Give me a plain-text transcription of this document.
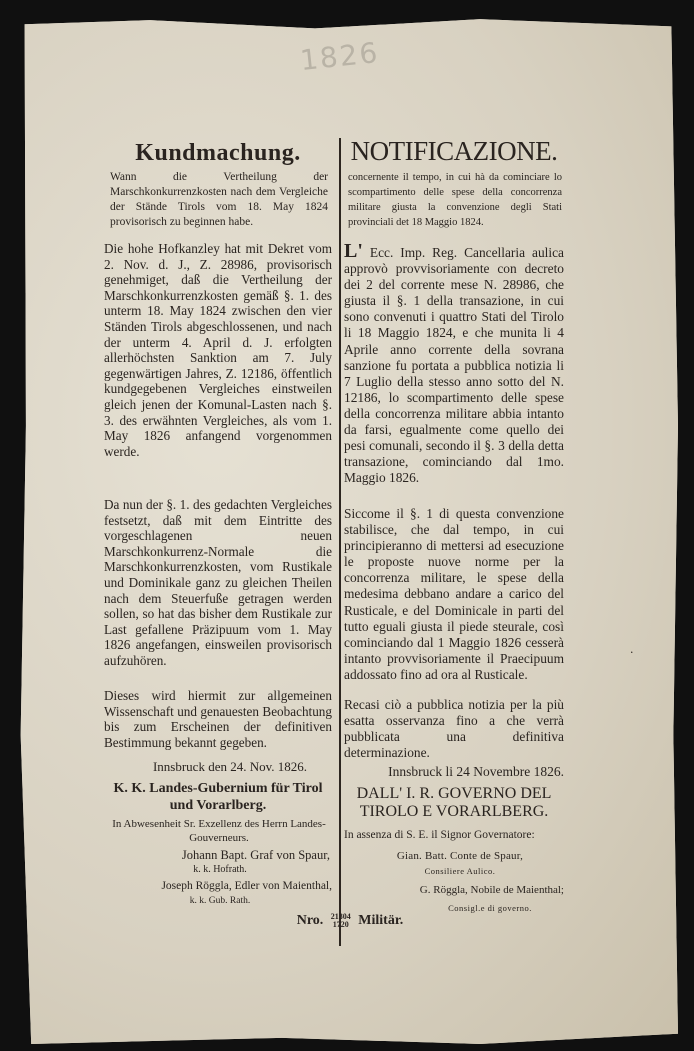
1826
Kundmachung.
Wann die Vertheilung der Marschkonkurrenzkosten nach dem Vergleiche der Stände Tirols vom 18. May 1824 provisorisch zu beginnen habe.
Die hohe Hofkanzley hat mit Dekret vom 2. Nov. d. J., Z. 28986, provisorisch genehmiget, daß die Vertheilung der Marschkonkurrenzkosten gemäß §. 1. des unterm 18. May 1824 zwischen den vier Ständen Tirols abgeschlossenen, und nach der unterm 4. April d. J. erfolgten allerhöchsten Sanktion am 7. July gegenwärtigen Jahres, Z. 12186, öffentlich kundgegebenen Vergleiches einstweilen gleich jenen der Komunal-Lasten nach §. 3. des erwähnten Vergleiches, als vom 1. May 1826 anfangend vorgenommen werde.
Da nun der §. 1. des gedachten Vergleiches festsetzt, daß mit dem Eintritte des vorgeschlagenen neuen Marschkonkurrenz-Normale die Marschkonkurrenzkosten, vom Rustikale und Dominikale ganz zu gleichen Theilen nach dem Steuerfuße getragen werden sollen, so hat das bisher dem Rustikale zur Last gefallene Präzipuum vom 1. May 1826 angefangen, einsweilen provisorisch aufzuhören.
Dieses wird hiermit zur allgemeinen Wissenschaft und genauesten Beobachtung bis zum Erscheinen der definitiven Bestimmung bekannt gegeben.
Innsbruck den 24. Nov. 1826.
K. K. Landes-Gubernium für Tirol und Vorarlberg.
In Abwesenheit Sr. Exzellenz des Herrn Landes-Gouverneurs.
Johann Bapt. Graf von Spaur,
k. k. Hofrath.
Joseph Röggla, Edler von Maienthal,
k. k. Gub. Rath.
NOTIFICAZIONE.
concernente il tempo, in cui hà da cominciare lo scompartimento delle spese della concorrenza militare giusta la convenzione degli Stati provinciali det 18 Maggio 1824.
L' Ecc. Imp. Reg. Cancellaria aulica approvò provvisoriamente con decreto dei 2 del corrente mese N. 28986, che giusta il §. 1 della transazione, in cui sono convenuti i quattro Stati del Tirolo li 18 Maggio 1824, e che munita li 4 Aprile anno corrente della sovrana sanzione fu portata a pubblica notizia li 7 Luglio della stesso anno sotto del N. 12186, lo scompartimento delle spese della concorrenza militare abbia intanto da farsi, egualmente come quello dei pesi comunali, secondo il §. 3 della detta transazione, cominciando dal 1mo. Maggio 1826.
Siccome il §. 1 di questa convenzione stabilisce, che dal tempo, in cui principieranno di mettersi ad esecuzione le proposte nuove norme per la concorrenza militare, le spese della medesima debbano andare a carico del Rusticale, e del Dominicale in parti del tutto eguali giusta il piede steurale, così cominciando dal 1 Maggio 1826 cesserà intanto provvisoriamente il Praecipuum addossato fino ad ora al Rusticale.
Recasi ciò a pubblica notizia per la più esatta osservanza fino a che verrà pubblicata una definitiva determinazione.
Innsbruck li 24 Novembre 1826.
DALL' I. R. GOVERNO DEL TIROLO E VORARLBERG.
In assenza di S. E. il Signor Governatore:
Gian. Batt. Conte de Spaur,
Consiliere Aulico.
G. Röggla, Nobile de Maienthal;
Consigl.e di governo.
Nro. 21804
1720 Militär.
·
